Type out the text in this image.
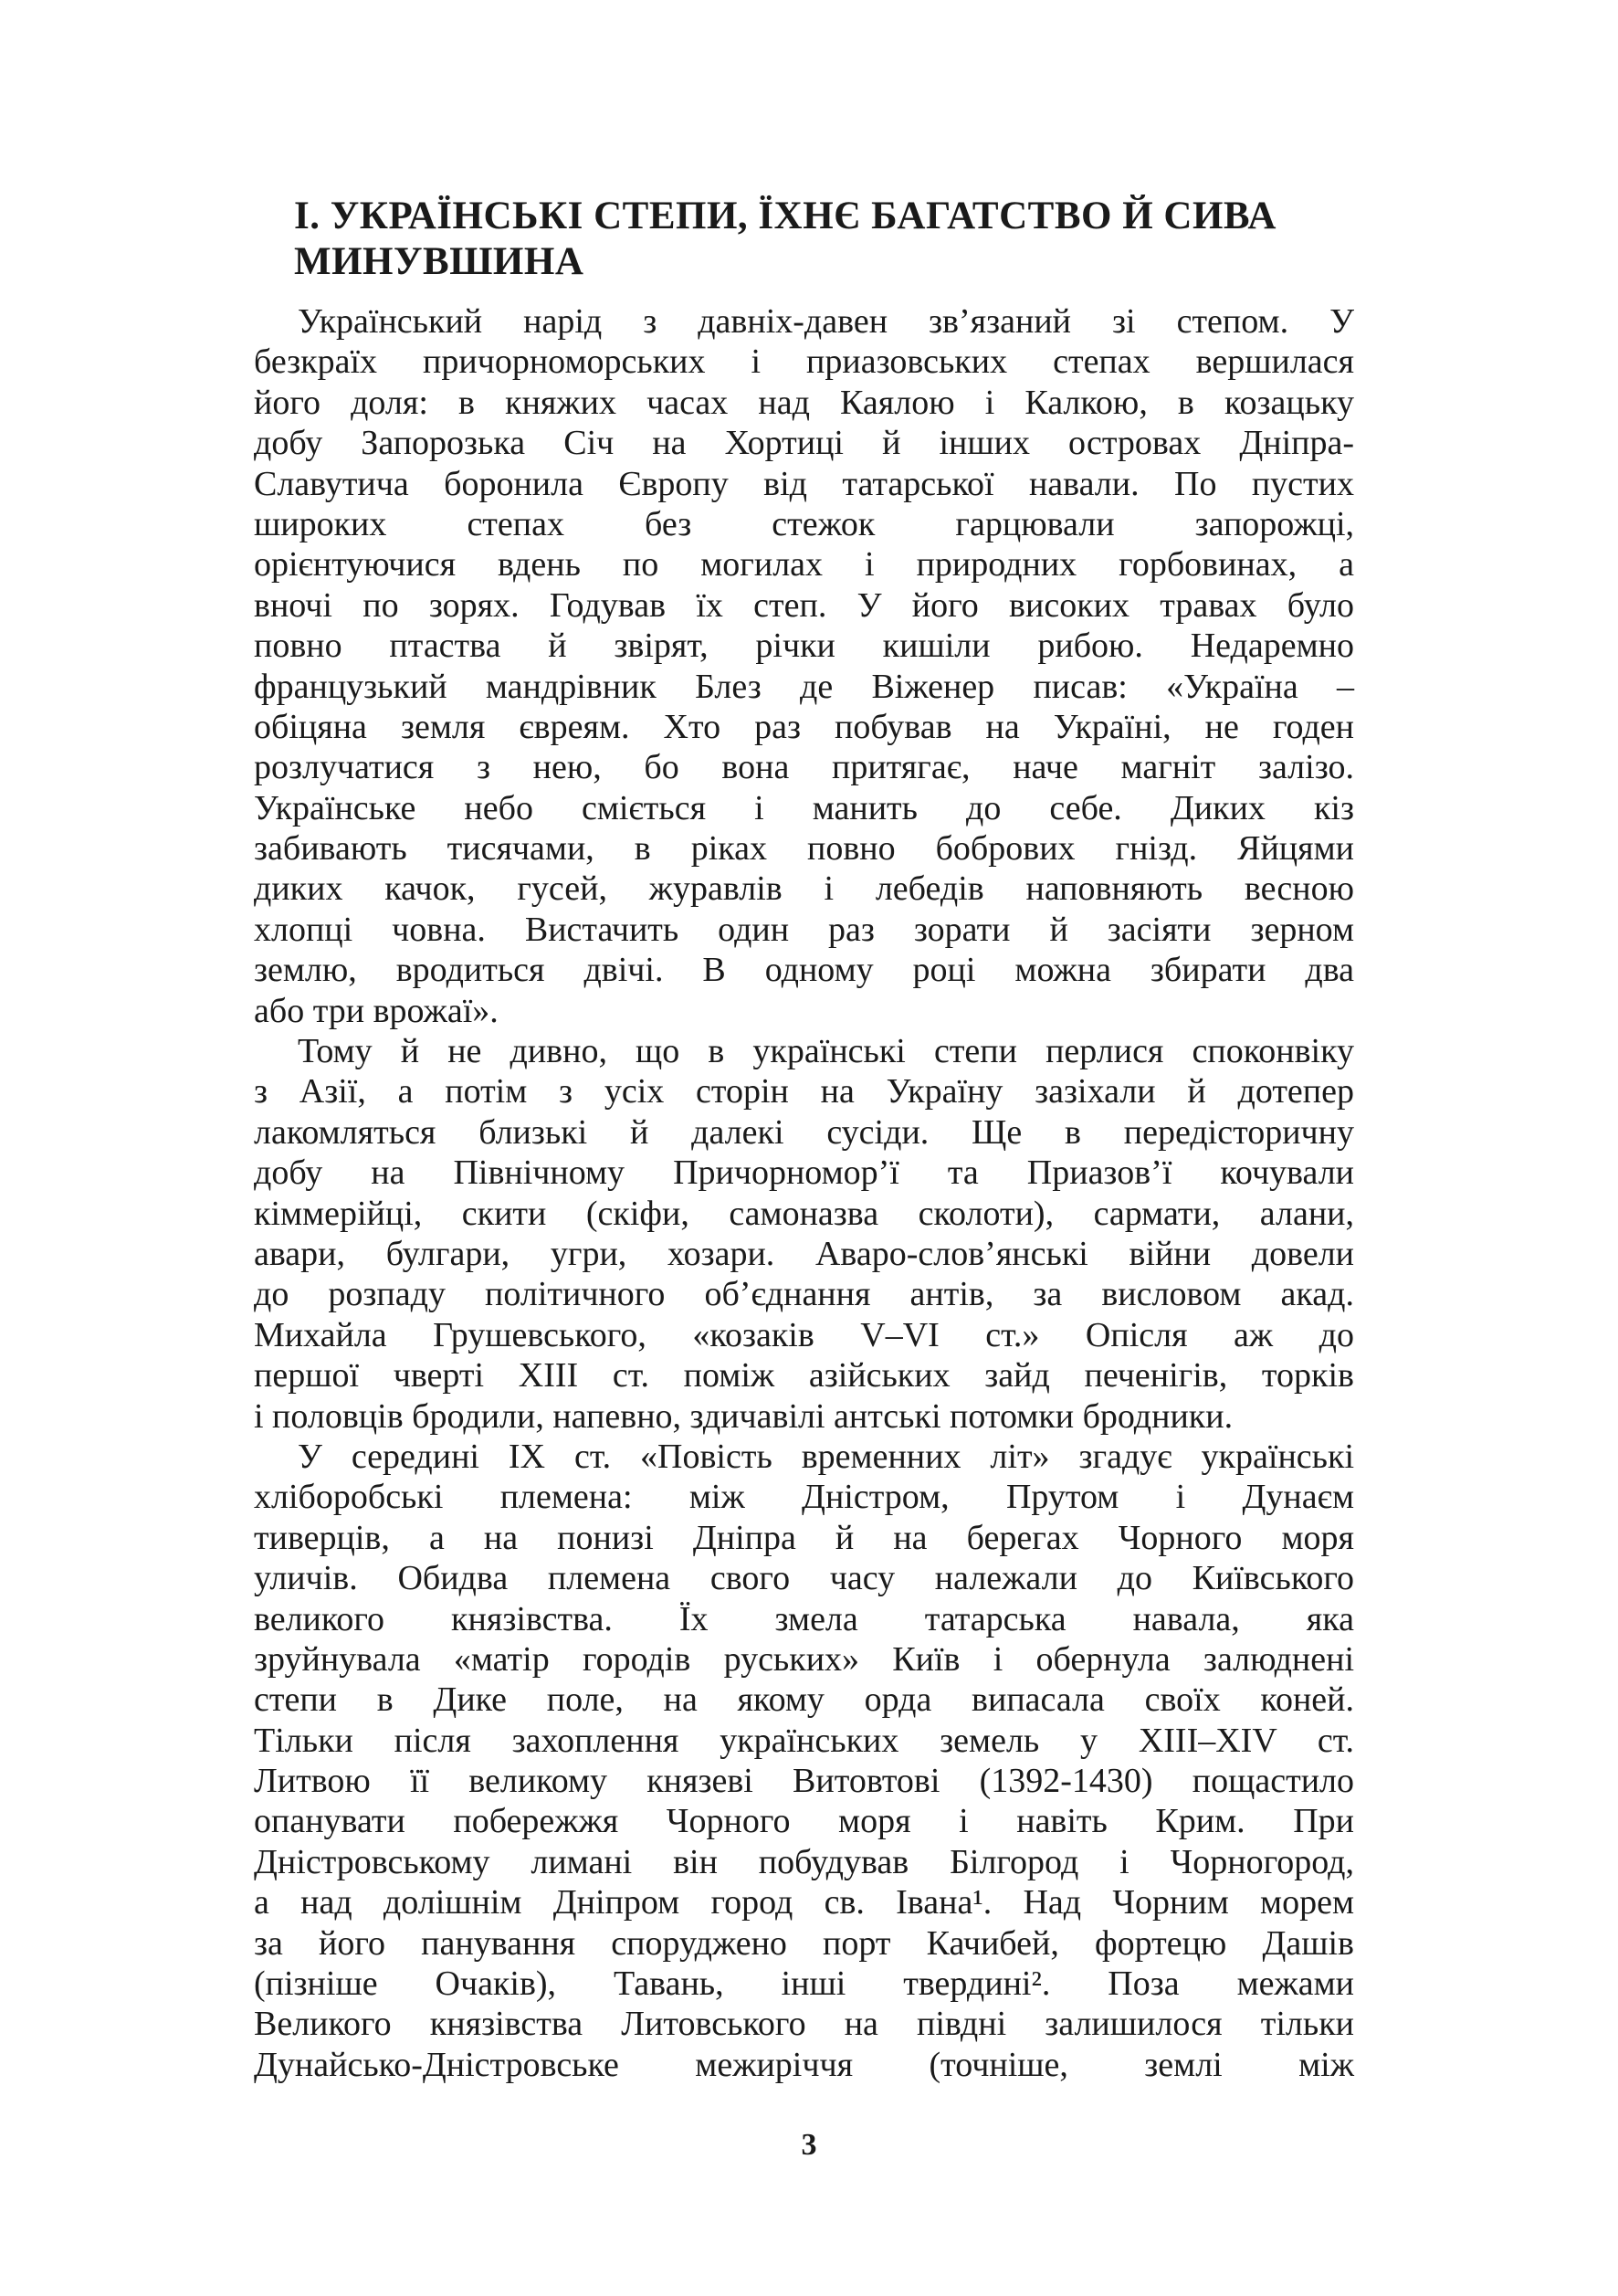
І. УКРАЇНСЬКІ СТЕПИ, ЇХНЄ БАГАТСТВО Й СИВА
МИНУВШИНА

Український нарід з давніх-давен зв’язаний зі степом. У
безкраїх причорноморських і приазовських степах вершилася
його доля: в княжих часах над Каялою і Калкою, в козацьку
добу Запорозька Січ на Хортиці й інших островах Дніпра-
Славутича боронила Європу від татарської навали. По пустих
широких степах без стежок гарцювали запорожці,
орієнтуючися вдень по могилах і природних горбовинах, а
вночі по зорях. Годував їх степ. У його високих травах було
повно птаства й звірят, річки кишіли рибою. Недаремно
французький мандрівник Блез де Віженер писав: «Україна –
обіцяна земля євреям. Хто раз побував на Україні, не годен
розлучатися з нею, бо вона притягає, наче магніт залізо.
Українське небо сміється і манить до себе. Диких кіз
забивають тисячами, в ріках повно бобрових гнізд. Яйцями
диких качок, гусей, журавлів і лебедів наповняють весною
хлопці човна. Вистачить один раз зорати й засіяти зерном
землю, вродиться двічі. В одному році можна збирати два
або три врожаї».

Тому й не дивно, що в українські степи перлися споконвіку
з Азії, а потім з усіх сторін на Україну зазіхали й дотепер
лакомляться близькі й далекі сусіди. Ще в передісторичну
добу на Північному Причорномор’ї та Приазов’ї кочували
кіммерійці, скити (скіфи, самоназва сколоти), сармати, алани,
авари, булгари, угри, хозари. Аваро-слов’янські війни довели
до розпаду політичного об’єднання антів, за висловом акад.
Михайла Грушевського, «козаків V–VI ст.» Опісля аж до
першої чверті XIII ст. поміж азійських зайд печенігів, торків
і половців бродили, напевно, здичавілі антські потомки бродники.

У середині IX ст. «Повість временних літ» згадує українські
хліборобські племена: між Дністром, Прутом і Дунаєм
тиверців, а на понизі Дніпра й на берегах Чорного моря
уличів. Обидва племена свого часу належали до Київського
великого князівства. Їх змела татарська навала, яка
зруйнувала «матір городів руських» Київ і обернула залюднені
степи в Дике поле, на якому орда випасала своїх коней.
Тільки після захоплення українських земель у XIII–XIV ст.
Литвою її великому князеві Витовтові (1392-1430) пощастило
опанувати побережжя Чорного моря і навіть Крим. При
Дністровському лимані він побудував Білгород і Чорногород,
а над долішнім Дніпром город св. Івана¹. Над Чорним морем
за його панування споруджено порт Качибей, фортецю Дашів
(пізніше Очаків), Тавань, інші твердині². Поза межами
Великого князівства Литовського на півдні залишилося тільки
Дунайсько-Дністровське межиріччя (точніше, землі між

3
